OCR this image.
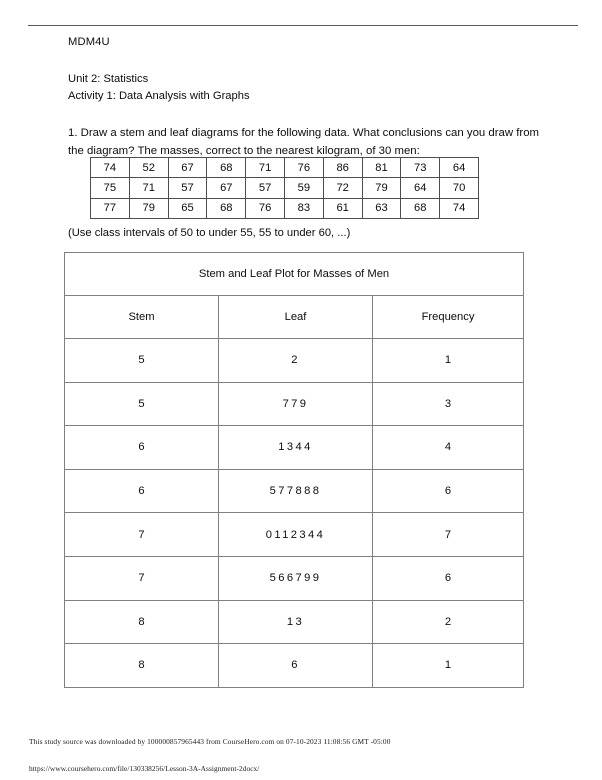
MDM4U
Unit 2: Statistics
Activity 1: Data Analysis with Graphs
1. Draw a stem and leaf diagrams for the following data. What conclusions can you draw from
the diagram? The masses, correct to the nearest kilogram, of 30 men:
74	52	67	68	71	76	86	81	73	64
75	71	57	67	57	59	72	79	64	70
77	79	65	68	76	83	61	63	68	74
(Use class intervals of 50 to under 55, 55 to under 60, ...)
Stem and Leaf Plot for Masses of Men		
Stem	Leaf	Frequency
5	2	1
5	779	3
6	1344	4
6	577888	6
7	0112344	7
7	566799	6
8	13	2
8	6	1
This study source was downloaded by 100000857965443 from CourseHero.com on 07-10-2023 11:08:56 GMT -05:00
https://www.coursehero.com/file/130338256/Lesson-3A-Assignment-2docx/
